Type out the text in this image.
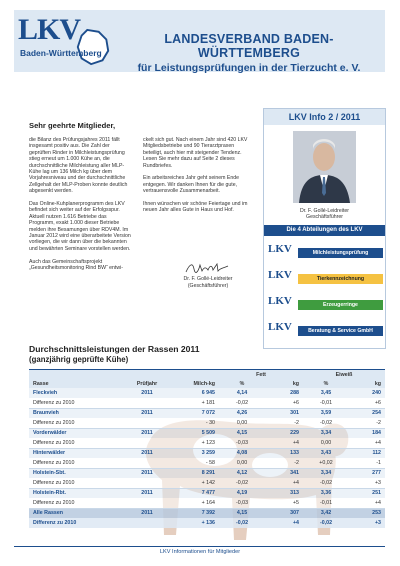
LKV
Baden-Württemberg
LANDESVERBAND BADEN-WÜRTTEMBERG
für Leistungsprüfungen in der Tierzucht e. V.
Sehr geehrte Mitglieder,

die Bilanz des Prüfungsjahres 2011 fällt insgesamt positiv aus. Die Zahl der geprüften Rinder in Milchleistungsprüfung stieg erneut um 1.000 Kühe an, die durchschnittliche Milchleistung aller MLP-Kühe lag um 136 Milch kg über dem Vorjahresniveau und der durchschnittliche Zellgehalt der MLP-Proben konnte deutlich abgesenkt werden.

Das Online-Kuhplanerprogramm des LKV befindet sich weiter auf der Erfolgsspur. Aktuell nutzen 1.616 Betriebe das Programm, exakt 1.000 dieser Betriebe melden ihre Besamungen über RDV4M. Im Januar 2012 wird eine überarbeitete Version vorliegen, die wir dann über die bekannten und bewährten Seminare vorstellen werden.

Auch das Gemeinschaftsprojekt „Gesundheitsmonitoring Rind BW“ entwi-

ckelt sich gut. Nach einem Jahr sind 420 LKV Mitgliedsbetriebe und 90 Tierarztpraxen beteiligt, auch hier mit steigender Tendenz. Lesen Sie mehr dazu auf Seite 2 dieses Rundbriefes.

Ein arbeitsreiches Jahr geht seinem Ende entgegen. Wir danken Ihnen für die gute, vertrauensvolle Zusammenarbeit.

Ihnen wünschen wir schöne Feiertage und im neuen Jahr alles Gute in Haus und Hof.

Dr. F. Gollé-Leidreiter
(Geschäftsführer)
LKV Info 2 / 2011
Dr. F. Gollé-Leidreiter
Geschäftsführer
Die 4 Abteilungen des LKV
LKV	Milchleistungsprüfung
LKV	Tierkennzeichnung
LKV	Erzeugerringe
LKV	Beratung & Service GmbH
Durchschnittsleistungen der Rassen 2011
(ganzjährig geprüfte Kühe)
			Fett		Eiweiß	
Rasse	Prüfjahr	Milch-kg	%	kg	%	kg
Fleckvieh	2011	6 945	4,14	288	3,45	240
Differenz zu 2010		+ 181	-0,02	+6	-0,01	+6
Braunvieh	2011	7 072	4,26	301	3,59	254
Differenz zu 2010		- 30	0,00	-2	-0,02	-2
Vorderwälder	2011	5 509	4,15	229	3,34	184
Differenz zu 2010		+ 123	-0,03	+4	0,00	+4
Hinterwälder	2011	3 259	4,08	133	3,43	112
Differenz zu 2010		- 58	0,00	-2	+0,02	-1
Holstein-Sbt.	2011	8 291	4,12	341	3,34	277
Differenz zu 2010		+ 142	-0,02	+4	-0,02	+3
Holstein-Rbt.	2011	7 477	4,19	313	3,36	251
Differenz zu 2010		+ 164	-0,03	+5	-0,01	+4
Alle Rassen	2011	7 392	4,15	307	3,42	253
Differenz zu 2010		+ 136	-0,02	+4	-0,02	+3
LKV Informationen für Mitglieder
